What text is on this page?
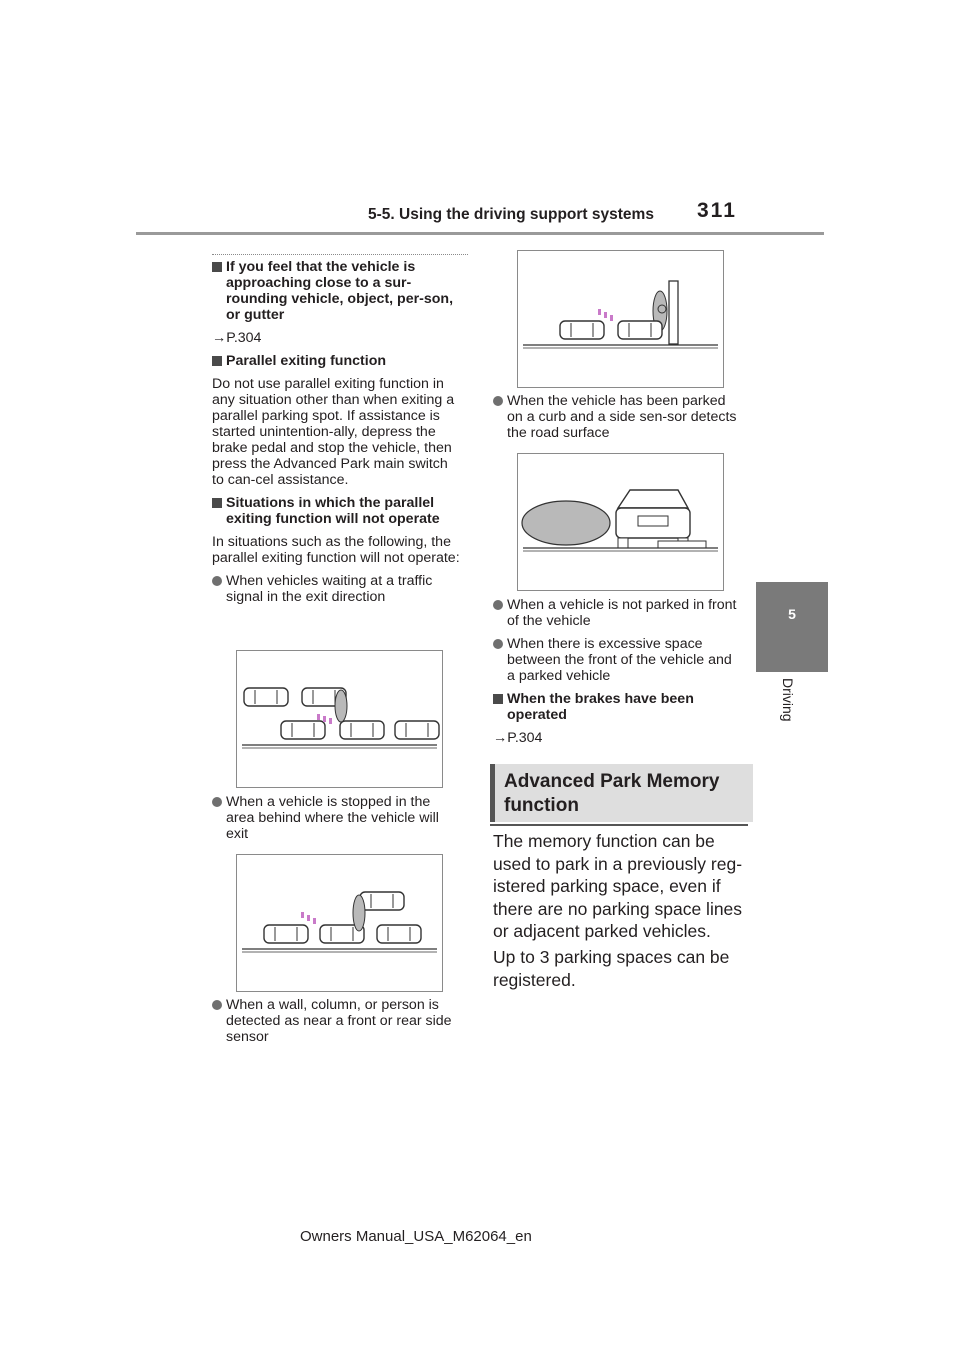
5-5. Using the driving support systems 311
5
Driving

If you feel that the vehicle is approaching close to a sur-rounding vehicle, object, per-son, or gutter

→P.304

Parallel exiting function

Do not use parallel exiting function in any situation other than when exiting a parallel parking spot. If assistance is started unintention-ally, depress the brake pedal and stop the vehicle, then press the Advanced Park main switch to can-cel assistance.

Situations in which the parallel exiting function will not operate

In situations such as the following, the parallel exiting function will not operate:

When vehicles waiting at a traffic signal in the exit direction

When a vehicle is stopped in the area behind where the vehicle will exit

When a wall, column, or person is detected as near a front or rear side sensor

When the vehicle has been parked on a curb and a side sen-sor detects the road surface

When a vehicle is not parked in front of the vehicle

When there is excessive space between the front of the vehicle and a parked vehicle

When the brakes have been operated

→P.304

Advanced Park Memory function

The memory function can be used to park in a previously reg-istered parking space, even if there are no parking space lines or adjacent parked vehicles.

Up to 3 parking spaces can be registered.

Owners Manual_USA_M62064_en
